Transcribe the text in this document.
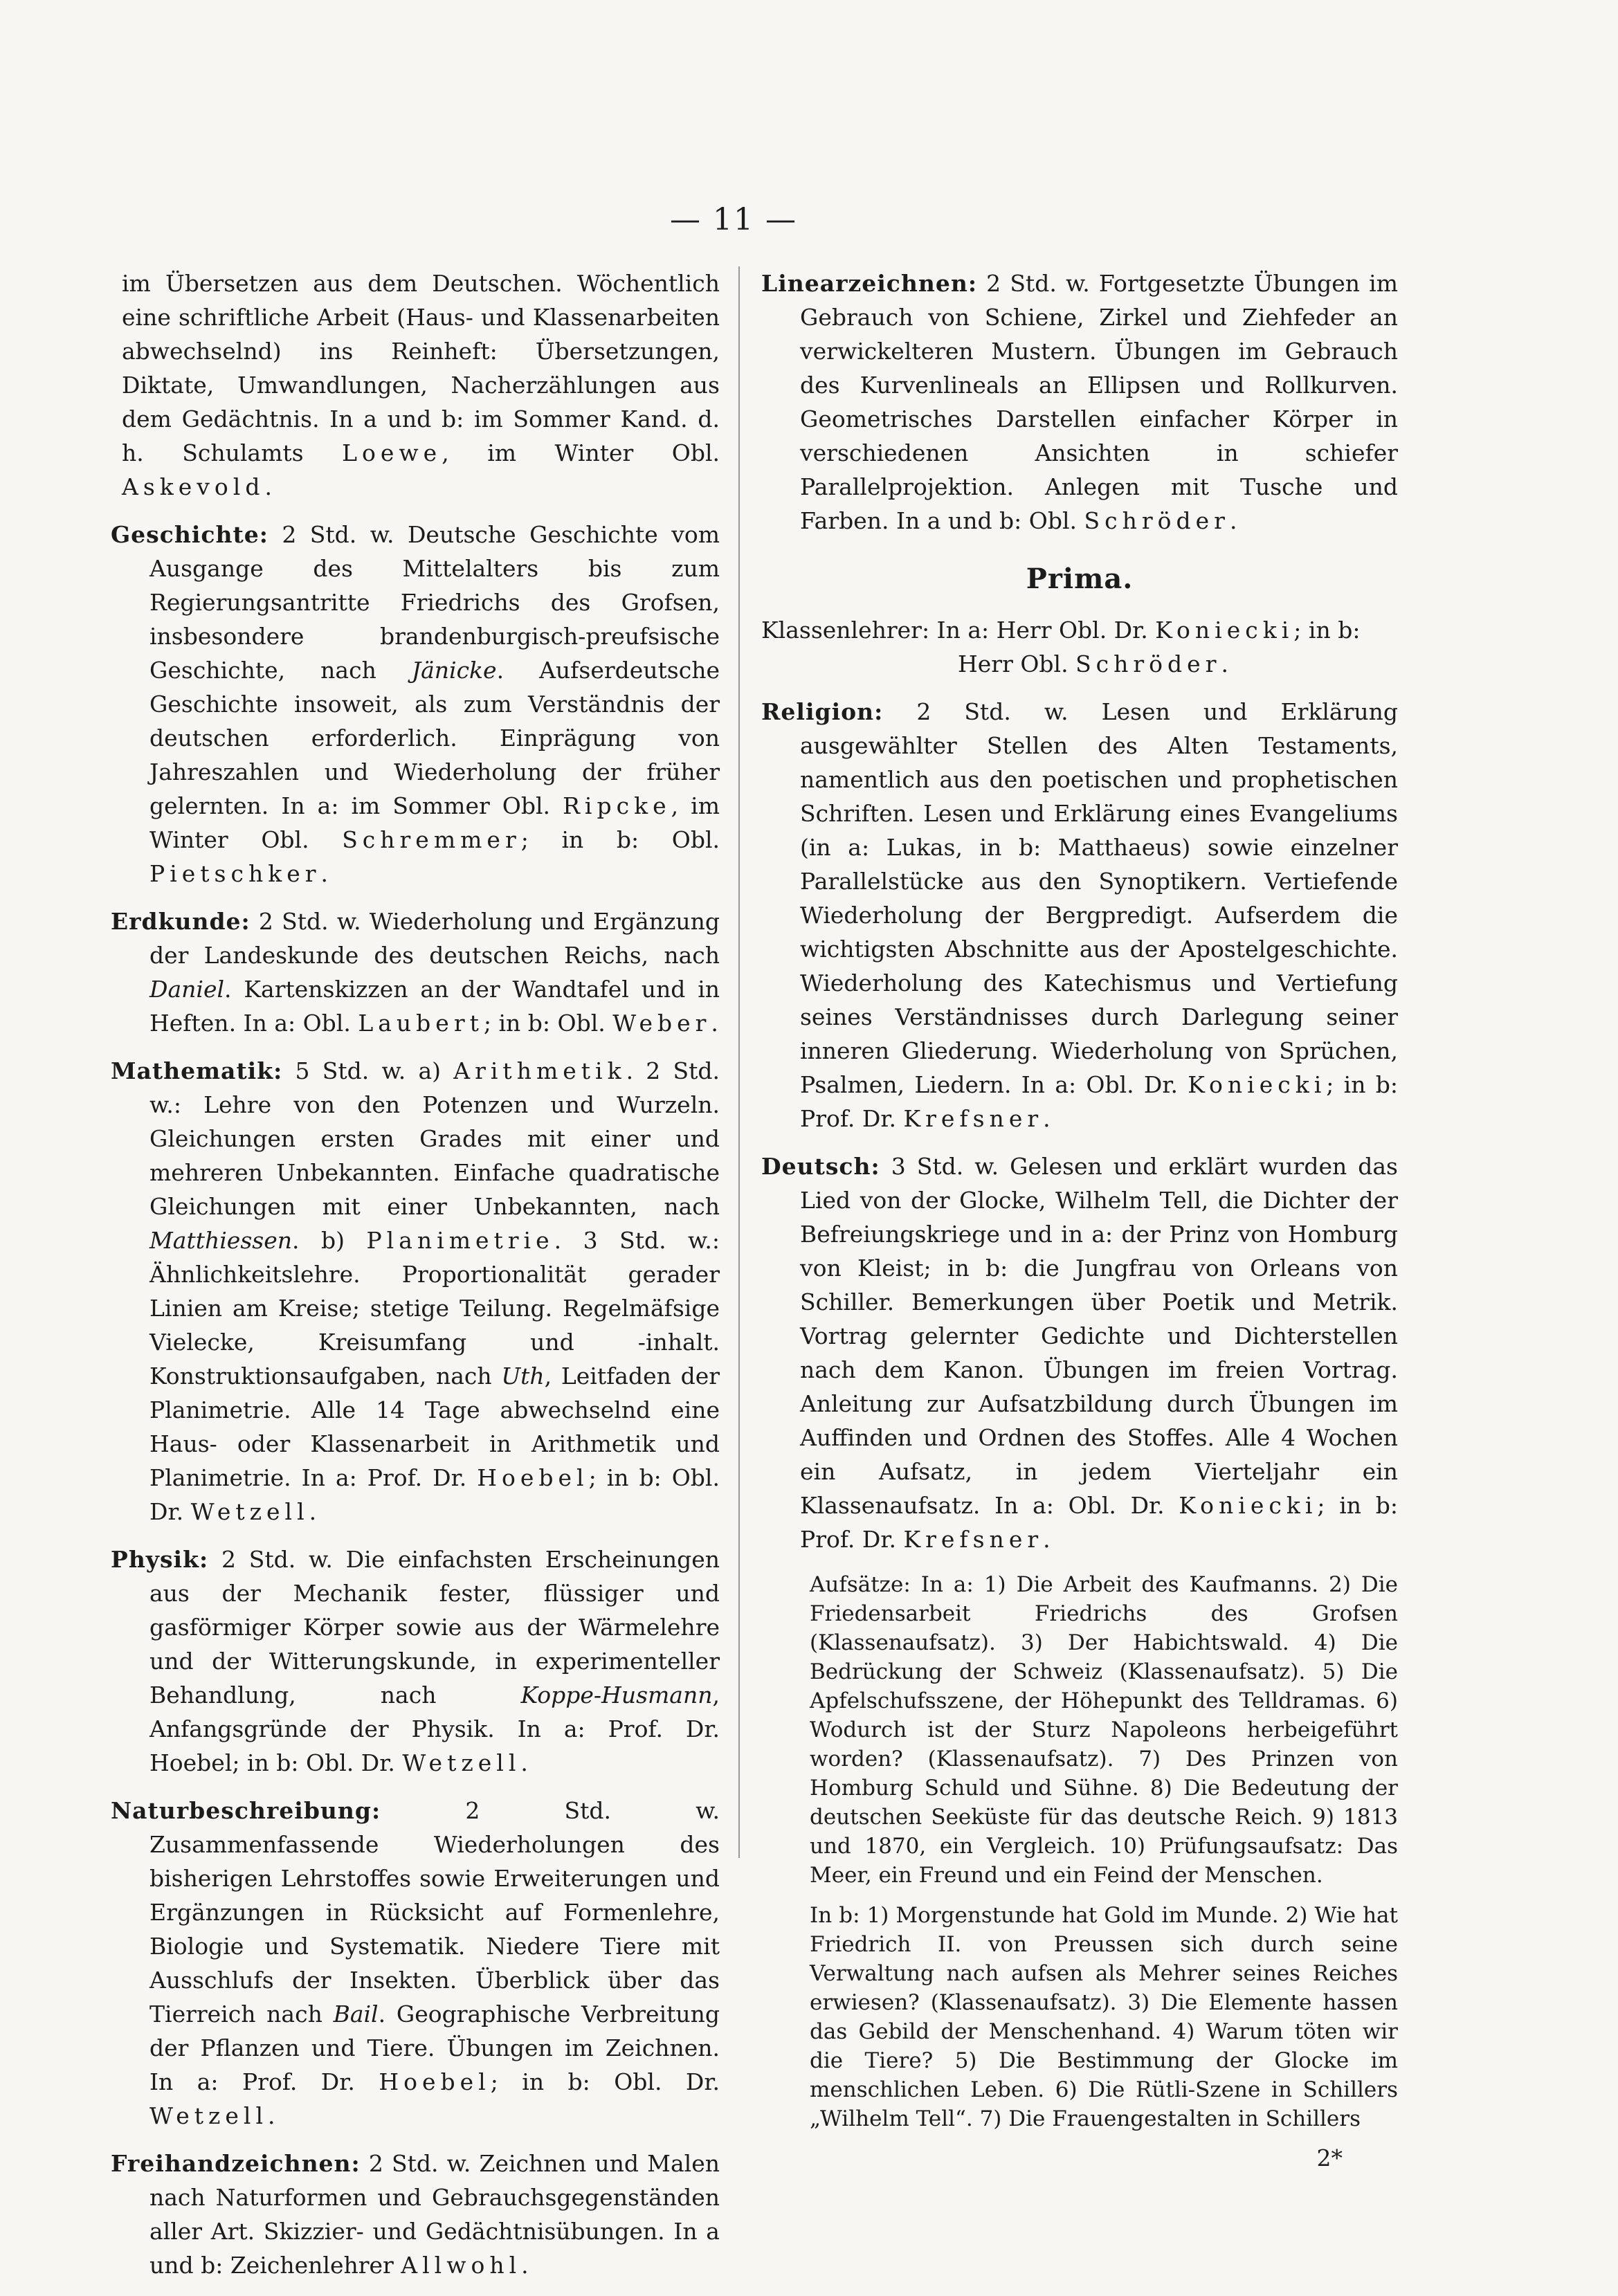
— 11 —

im Übersetzen aus dem Deutschen. Wöchentlich eine schriftliche Arbeit (Haus- und Klassenarbeiten abwechselnd) ins Reinheft: Übersetzungen, Diktate, Umwandlungen, Nacherzählungen aus dem Gedächtnis. In a und b: im Sommer Kand. d. h. Schulamts Loewe, im Winter Obl. Askevold.

Geschichte: 2 Std. w. Deutsche Geschichte vom Ausgange des Mittelalters bis zum Regierungsantritte Friedrichs des Grofsen, insbesondere brandenburgisch-preufsische Geschichte, nach Jänicke. Aufserdeutsche Geschichte insoweit, als zum Verständnis der deutschen erforderlich. Einprägung von Jahreszahlen und Wiederholung der früher gelernten. In a: im Sommer Obl. Ripcke, im Winter Obl. Schremmer; in b: Obl. Pietschker.

Erdkunde: 2 Std. w. Wiederholung und Ergänzung der Landeskunde des deutschen Reichs, nach Daniel. Kartenskizzen an der Wandtafel und in Heften. In a: Obl. Laubert; in b: Obl. Weber.

Mathematik: 5 Std. w. a) Arithmetik. 2 Std. w.: Lehre von den Potenzen und Wurzeln. Gleichungen ersten Grades mit einer und mehreren Unbekannten. Einfache quadratische Gleichungen mit einer Unbekannten, nach Matthiessen. b) Planimetrie. 3 Std. w.: Ähnlichkeitslehre. Proportionalität gerader Linien am Kreise; stetige Teilung. Regelmäfsige Vielecke, Kreisumfang und -inhalt. Konstruktionsaufgaben, nach Uth, Leitfaden der Planimetrie. Alle 14 Tage abwechselnd eine Haus- oder Klassenarbeit in Arithmetik und Planimetrie. In a: Prof. Dr. Hoebel; in b: Obl. Dr. Wetzell.

Physik: 2 Std. w. Die einfachsten Erscheinungen aus der Mechanik fester, flüssiger und gasförmiger Körper sowie aus der Wärmelehre und der Witterungskunde, in experimenteller Behandlung, nach Koppe-Husmann, Anfangsgründe der Physik. In a: Prof. Dr. Hoebel; in b: Obl. Dr. Wetzell.

Naturbeschreibung: 2 Std. w. Zusammenfassende Wiederholungen des bisherigen Lehrstoffes sowie Erweiterungen und Ergänzungen in Rücksicht auf Formenlehre, Biologie und Systematik. Niedere Tiere mit Ausschlufs der Insekten. Überblick über das Tierreich nach Bail. Geographische Verbreitung der Pflanzen und Tiere. Übungen im Zeichnen. In a: Prof. Dr. Hoebel; in b: Obl. Dr. Wetzell.

Freihandzeichnen: 2 Std. w. Zeichnen und Malen nach Naturformen und Gebrauchsgegenständen aller Art. Skizzier- und Gedächtnisübungen. In a und b: Zeichenlehrer Allwohl.

Linearzeichnen: 2 Std. w. Fortgesetzte Übungen im Gebrauch von Schiene, Zirkel und Ziehfeder an verwickelteren Mustern. Übungen im Gebrauch des Kurvenlineals an Ellipsen und Rollkurven. Geometrisches Darstellen einfacher Körper in verschiedenen Ansichten in schiefer Parallelprojektion. Anlegen mit Tusche und Farben. In a und b: Obl. Schröder.

Prima.

Klassenlehrer: In a: Herr Obl. Dr. Koniecki; in b:

Herr Obl. Schröder.

Religion: 2 Std. w. Lesen und Erklärung ausgewählter Stellen des Alten Testaments, namentlich aus den poetischen und prophetischen Schriften. Lesen und Erklärung eines Evangeliums (in a: Lukas, in b: Matthaeus) sowie einzelner Parallelstücke aus den Synoptikern. Vertiefende Wiederholung der Bergpredigt. Aufserdem die wichtigsten Abschnitte aus der Apostelgeschichte. Wiederholung des Katechismus und Vertiefung seines Verständnisses durch Darlegung seiner inneren Gliederung. Wiederholung von Sprüchen, Psalmen, Liedern. In a: Obl. Dr. Koniecki; in b: Prof. Dr. Krefsner.

Deutsch: 3 Std. w. Gelesen und erklärt wurden das Lied von der Glocke, Wilhelm Tell, die Dichter der Befreiungskriege und in a: der Prinz von Homburg von Kleist; in b: die Jungfrau von Orleans von Schiller. Bemerkungen über Poetik und Metrik. Vortrag gelernter Gedichte und Dichterstellen nach dem Kanon. Übungen im freien Vortrag. Anleitung zur Aufsatzbildung durch Übungen im Auffinden und Ordnen des Stoffes. Alle 4 Wochen ein Aufsatz, in jedem Vierteljahr ein Klassenaufsatz. In a: Obl. Dr. Koniecki; in b: Prof. Dr. Krefsner.

Aufsätze: In a: 1) Die Arbeit des Kaufmanns. 2) Die Friedensarbeit Friedrichs des Grofsen (Klassenaufsatz). 3) Der Habichtswald. 4) Die Bedrückung der Schweiz (Klassenaufsatz). 5) Die Apfelschufsszene, der Höhepunkt des Telldramas. 6) Wodurch ist der Sturz Napoleons herbeigeführt worden? (Klassenaufsatz). 7) Des Prinzen von Homburg Schuld und Sühne. 8) Die Bedeutung der deutschen Seeküste für das deutsche Reich. 9) 1813 und 1870, ein Vergleich. 10) Prüfungsaufsatz: Das Meer, ein Freund und ein Feind der Menschen.

In b: 1) Morgenstunde hat Gold im Munde. 2) Wie hat Friedrich II. von Preussen sich durch seine Verwaltung nach aufsen als Mehrer seines Reiches erwiesen? (Klassenaufsatz). 3) Die Elemente hassen das Gebild der Menschenhand. 4) Warum töten wir die Tiere? 5) Die Bestimmung der Glocke im menschlichen Leben. 6) Die Rütli-Szene in Schillers „Wilhelm Tell“. 7) Die Frauengestalten in Schillers

2*
